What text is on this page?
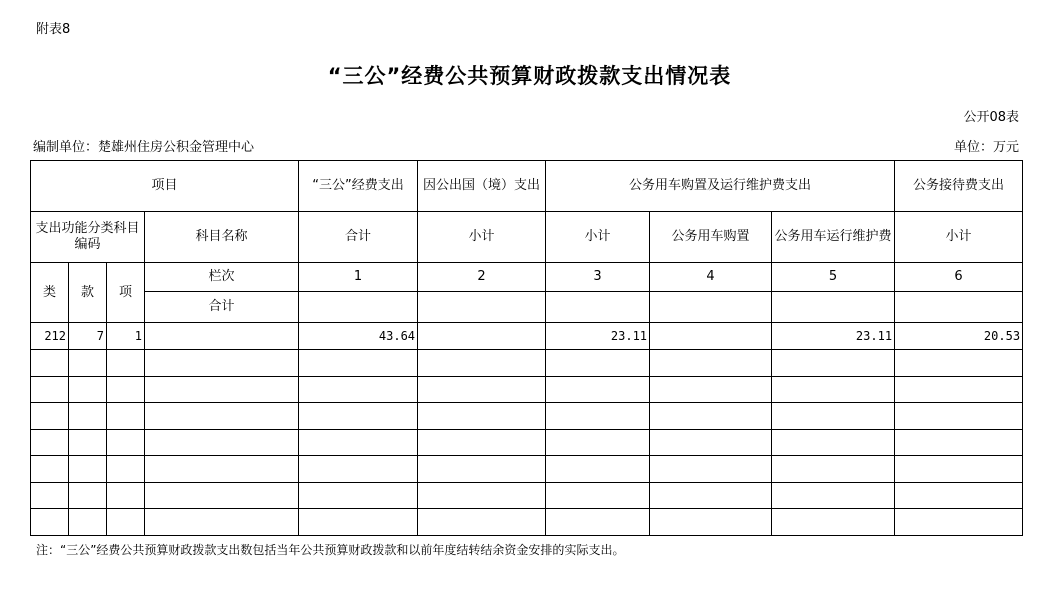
附表8
“三公”经费公共预算财政拨款支出情况表
公开08表
编制单位：楚雄州住房公积金管理中心	单位：万元
项目				“三公”经费支出	因公出国（境）支出	公务用车购置及运行维护费支出			公务接待费支出
支出功能分类科目编码			科目名称	合计	小计	小计	公务用车购置	公务用车运行维护费	小计
类	款	项	栏次	1	2	3	4	5	6
			合计						
212	7	1		43.64		23.11		23.11	20.53

注：“三公”经费公共预算财政拨款支出数包括当年公共预算财政拨款和以前年度结转结余资金安排的实际支出。
